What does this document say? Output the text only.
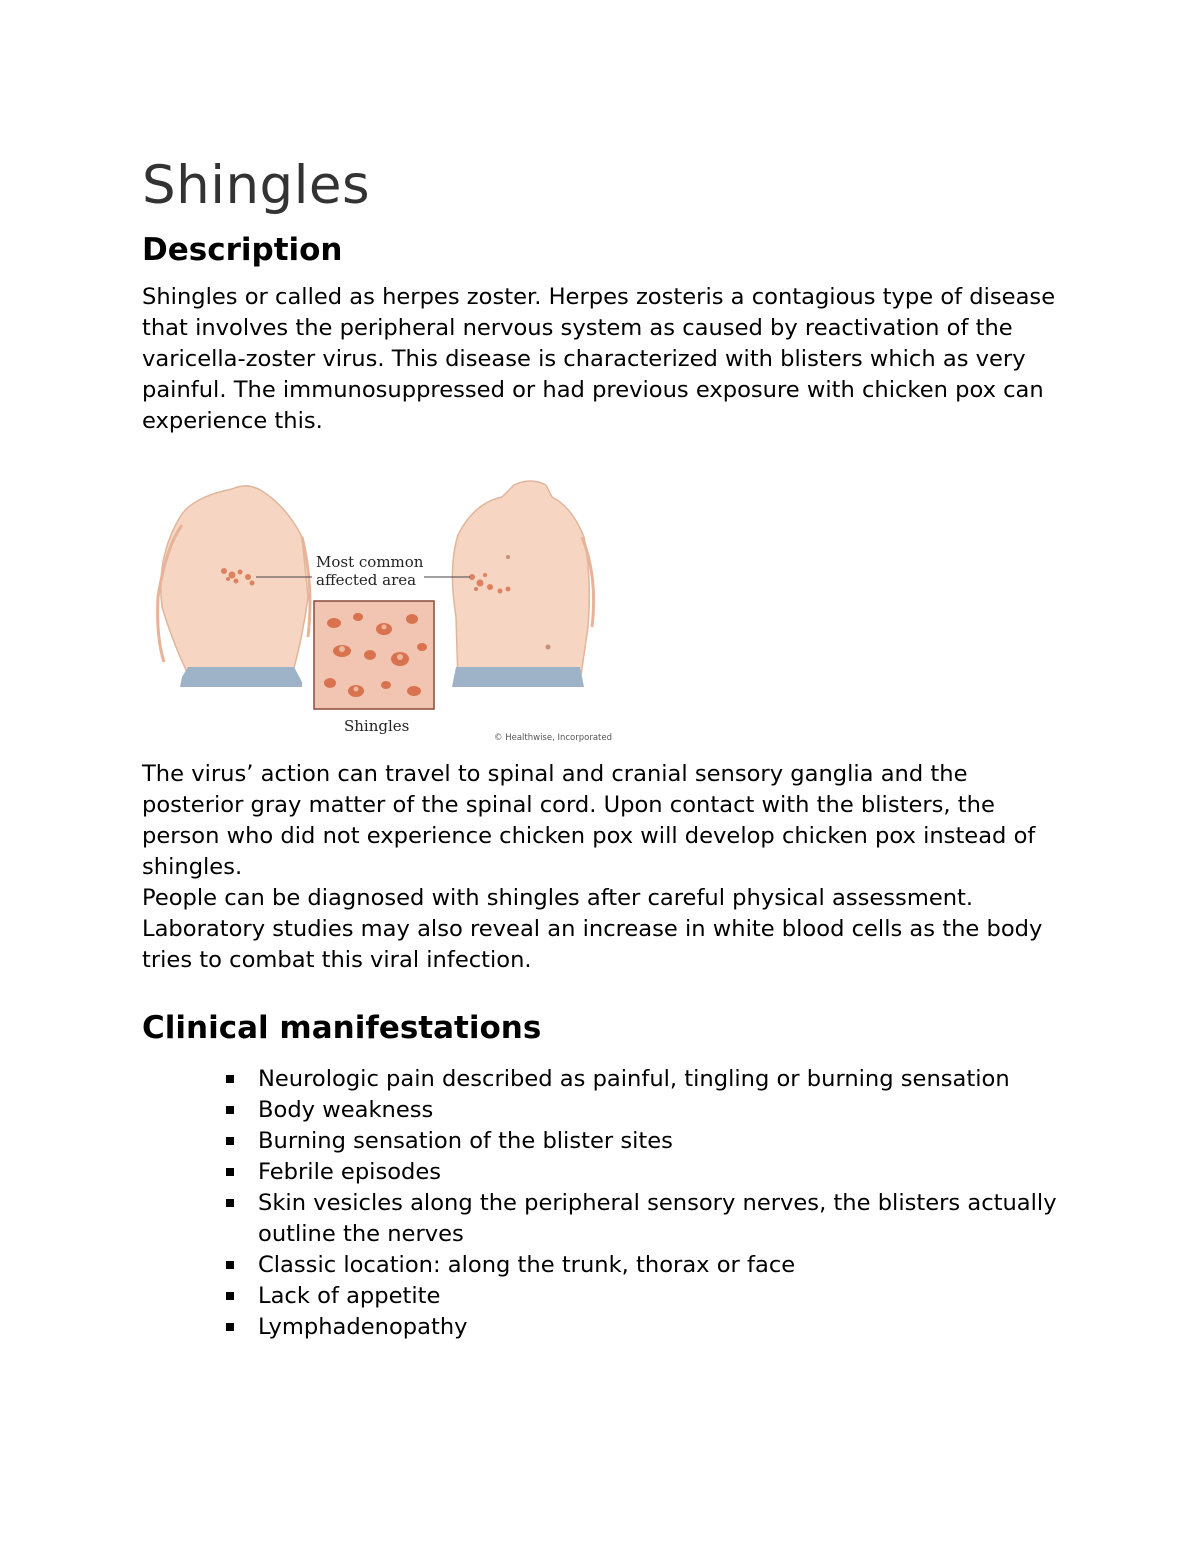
Shingles
Description

Shingles or called as herpes zoster. Herpes zosteris a contagious type of disease that involves the peripheral nervous system as caused by reactivation of the varicella-zoster virus. This disease is characterized with blisters which as very painful. The immunosuppressed or had previous exposure with chicken pox can experience this.

Most common
affected area
Shingles
© Healthwise, Incorporated

The virus’ action can travel to spinal and cranial sensory ganglia and the posterior gray matter of the spinal cord. Upon contact with the blisters, the person who did not experience chicken pox will develop chicken pox instead of shingles.

People can be diagnosed with shingles after careful physical assessment. Laboratory studies may also reveal an increase in white blood cells as the body tries to combat this viral infection.

Clinical manifestations
Neurologic pain described as painful, tingling or burning sensation
Body weakness
Burning sensation of the blister sites
Febrile episodes
Skin vesicles along the peripheral sensory nerves, the blisters actually outline the nerves
Classic location: along the trunk, thorax or face
Lack of appetite
Lymphadenopathy
